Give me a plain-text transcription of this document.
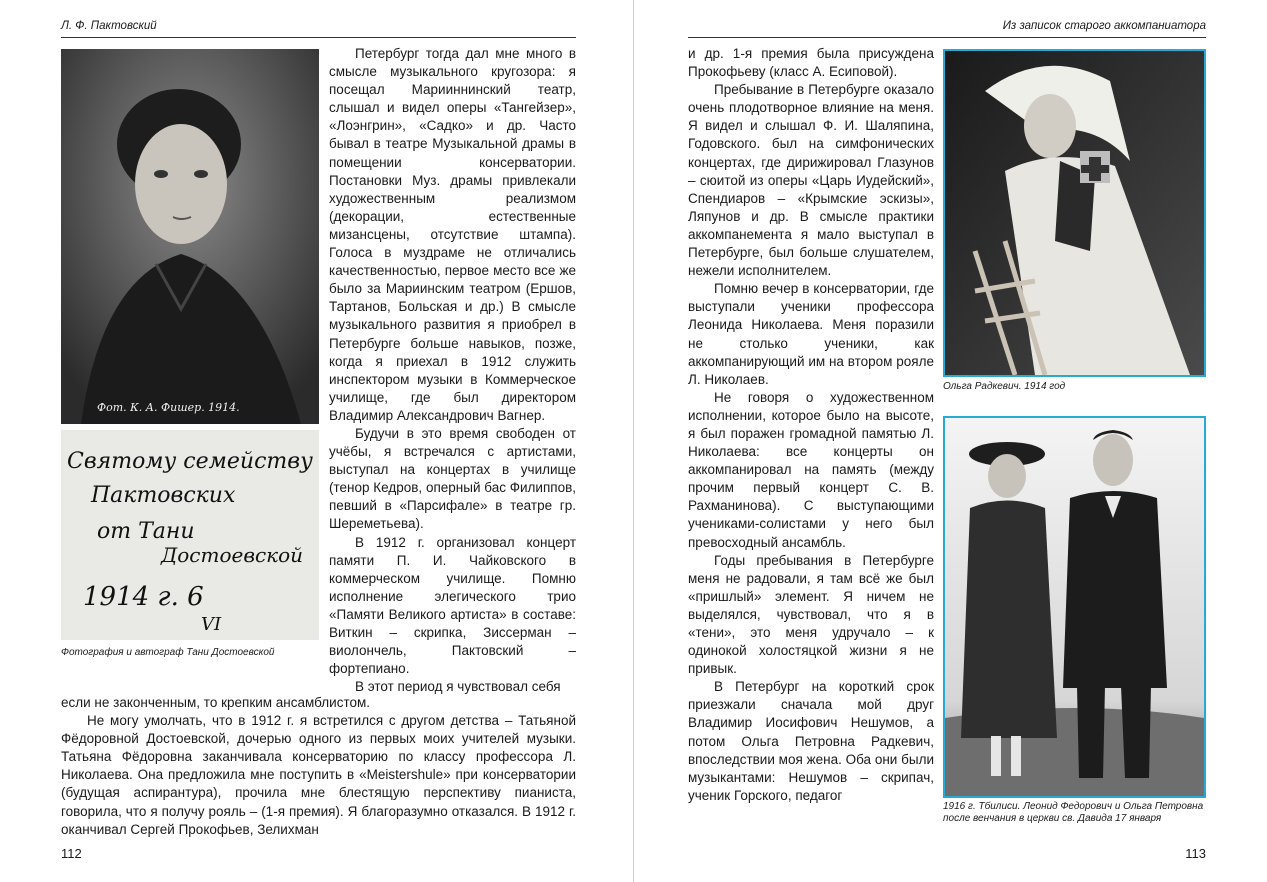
Л. Ф. Пактовский
Фот. К. А. Фишер. 1914.
Святому семейству
Пактовских
от Тани
Достоевской
1914 г. 6
VI
Фотография и автограф Тани Достоевской

Петербург тогда дал мне много в смысле музыкального кругозора: я посещал Марииннинский театр, слышал и видел оперы «Тангейзер», «Лоэнгрин», «Садко» и др. Часто бывал в театре Музыкальной драмы в помещении консерватории. Постановки Муз. драмы привлекали художественным реализмом (декорации, естественные мизансцены, отсутствие штампа). Голоса в муздраме не отличались качественностью, первое место все же было за Мариинским театром (Ершов, Тартанов, Больская и др.) В смысле музыкального развития я приобрел в Петербурге больше навыков, позже, когда я приехал в 1912 служить инспектором музыки в Коммерческое училище, где был директором Владимир Александрович Вагнер.

Будучи в это время свободен от учёбы, я встречался с артистами, выступал на концертах в училище (тенор Кедров, оперный бас Филиппов, певший в «Парсифале» в театре гр. Шереметьева).

В 1912 г. организовал концерт памяти П. И. Чайковского в коммерческом училище. Помню исполнение элегического трио «Памяти Великого артиста» в составе: Виткин – скрипка, Зиссерман – виолончель, Пактовский – фортепиано.

В этот период я чувствовал себя

если не законченным, то крепким ансамблистом.

Не могу умолчать, что в 1912 г. я встретился с другом детства – Татьяной Фёдоровной Достоевской, дочерью одного из первых моих учителей музыки. Татьяна Фёдоровна заканчивала консерваторию по классу профессора Л. Николаева. Она предложила мне поступить в «Meistershule» при консерватории (будущая аспирантура), прочила мне блестящую перспективу пианиста, говорила, что я получу рояль – (1-я премия). Я благоразумно отказался. В 1912 г. оканчивал Сергей Прокофьев, Зелихман

112
Из записок старого аккомпаниатора

и др. 1-я премия была присуждена Прокофьеву (класс А. Есиповой).

Пребывание в Петербурге оказало очень плодотворное влияние на меня. Я видел и слышал Ф. И. Шаляпина, Годовского. был на симфонических концертах, где дирижировал Глазунов – сюитой из оперы «Царь Иудейский», Спендиаров – «Крымские эскизы», Ляпунов и др. В смысле практики аккомпанемента я мало выступал в Петербурге, был больше слушателем, нежели исполнителем.

Помню вечер в консерватории, где выступали ученики профессора Леонида Николаева. Меня поразили не столько ученики, как аккомпанирующий им на втором рояле Л. Николаев.

Не говоря о художественном исполнении, которое было на высоте, я был поражен громадной памятью Л. Николаева: все концерты он аккомпанировал на память (между прочим первый концерт С. В. Рахманинова). С выступающими учениками-солистами у него был превосходный ансамбль.

Годы пребывания в Петербурге меня не радовали, я там всё же был «пришлый» элемент. Я ничем не выделялся, чувствовал, что я в «тени», это меня удручало – к одинокой холостяцкой жизни я не привык.

В Петербург на короткий срок приезжали сначала мой друг Владимир Иосифович Нешумов, а потом Ольга Петровна Радкевич, впоследствии моя жена. Оба они были музыкантами: Нешумов – скрипач, ученик Горского, педагог

Ольга Радкевич. 1914 год
1916 г. Тбилиси. Леонид Федорович и Ольга Петровна после венчания в церкви св. Давида 17 января
113
